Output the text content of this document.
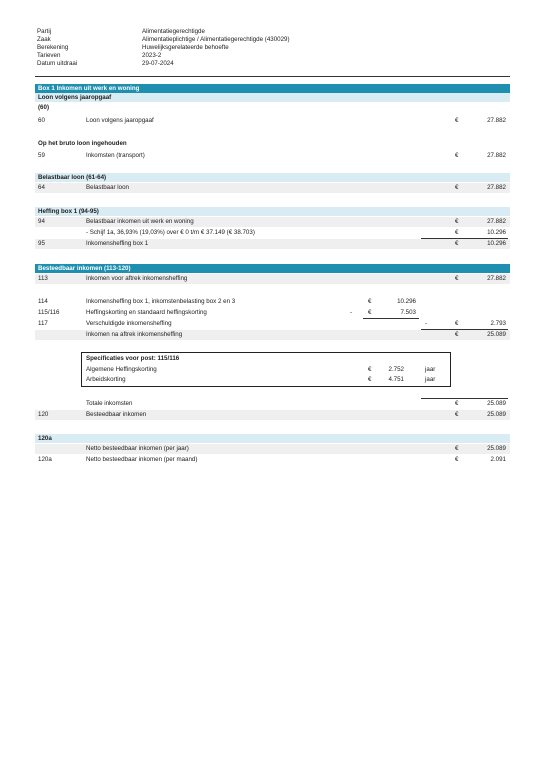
Partij	Alimentatiegerechtigde
Zaak	Alimentatieplichtige / Alimentatiegerechtigde (430029)
Berekening	Huwelijksgerelateerde behoefte
Tarieven	2023-2
Datum uitdraai	29-07-2024
Box 1 Inkomen uit werk en woning
Loon volgens jaaropgaaf
(60)
60	Loon volgens jaaropgaaf	€	27.882
Op het bruto loon ingehouden
59	Inkomsten (transport)	€	27.882
Belastbaar loon (61-64)
64	Belastbaar loon	€	27.882
Heffing box 1 (94-95)
94	Belastbaar inkomen uit werk en woning	€	27.882
- Schijf 1a, 36,93% (19,03%) over € 0 t/m € 37.149 (€ 38.703)	€	10.296
95	Inkomensheffing box 1	€	10.296
Besteedbaar inkomen (113-120)
113	Inkomen voor aftrek inkomensheffing	€	27.882
114	Inkomensheffing box 1, inkomstenbelasting box 2 en 3	€	10.296
115/116	Heffingskorting en standaard heffingskorting	-	€	7.503
117	Verschuldigde inkomensheffing	-	€	2.793
Inkomen na aftrek inkomensheffing	€	25.089
Specificaties voor post: 115/116
Algemene Heffingskorting	€	2.752	jaar
Arbeidskorting	€	4.751	jaar
Totale inkomsten	€	25.089
120	Besteedbaar inkomen	€	25.089
120a
Netto besteedbaar inkomen (per jaar)	€	25.089
120a	Netto besteedbaar inkomen (per maand)	€	2.091
